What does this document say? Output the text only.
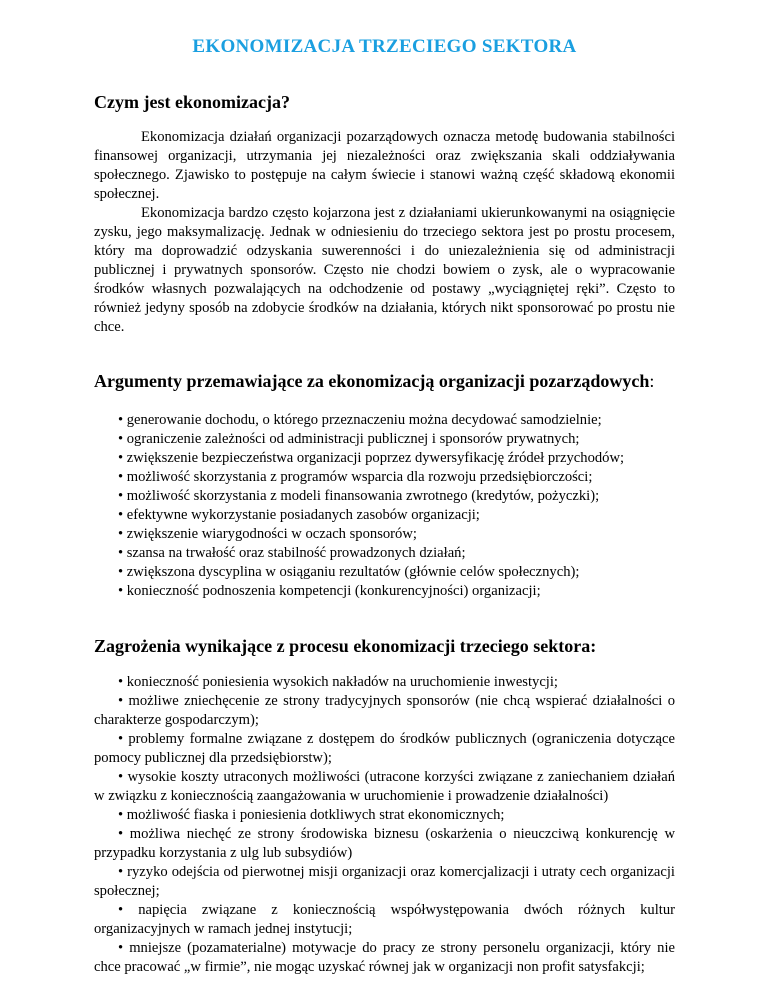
EKONOMIZACJA TRZECIEGO SEKTORA
Czym jest ekonomizacja?

Ekonomizacja działań organizacji pozarządowych oznacza metodę budowania stabilności finansowej organizacji, utrzymania jej niezależności oraz zwiększania skali oddziaływania społecznego. Zjawisko to postępuje na całym świecie i stanowi ważną część składową ekonomii społecznej.

Ekonomizacja bardzo często kojarzona jest z działaniami ukierunkowanymi na osiągnięcie zysku, jego maksymalizację. Jednak w odniesieniu do trzeciego sektora jest po prostu procesem, który ma doprowadzić odzyskania suwerenności i do uniezależnienia się od administracji publicznej i prywatnych sponsorów. Często nie chodzi bowiem o zysk, ale o wypracowanie środków własnych pozwalających na odchodzenie od postawy „wyciągniętej ręki”. Często to również jedyny sposób na zdobycie środków na działania, których nikt sponsorować po prostu nie chce.

Argumenty przemawiające za ekonomizacją organizacji pozarządowych:
• generowanie dochodu, o którego przeznaczeniu można decydować samodzielnie;
• ograniczenie zależności od administracji publicznej i sponsorów prywatnych;
• zwiększenie bezpieczeństwa organizacji poprzez dywersyfikację źródeł przychodów;
• możliwość skorzystania z programów wsparcia dla rozwoju przedsiębiorczości;
• możliwość skorzystania z modeli finansowania zwrotnego (kredytów, pożyczki);
• efektywne wykorzystanie posiadanych zasobów organizacji;
• zwiększenie wiarygodności w oczach sponsorów;
• szansa na trwałość oraz stabilność prowadzonych działań;
• zwiększona dyscyplina w osiąganiu rezultatów (głównie celów społecznych);
• konieczność podnoszenia kompetencji (konkurencyjności) organizacji;
Zagrożenia wynikające z procesu ekonomizacji trzeciego sektora:
• konieczność poniesienia wysokich nakładów na uruchomienie inwestycji;
• możliwe zniechęcenie ze strony tradycyjnych sponsorów (nie chcą wspierać działalności o charakterze gospodarczym);
• problemy formalne związane z dostępem do środków publicznych (ograniczenia dotyczące pomocy publicznej dla przedsiębiorstw);
• wysokie koszty utraconych możliwości (utracone korzyści związane z zaniechaniem działań w związku z koniecznością zaangażowania w uruchomienie i prowadzenie działalności)
• możliwość fiaska i poniesienia dotkliwych strat ekonomicznych;
• możliwa niechęć ze strony środowiska biznesu (oskarżenia o nieuczciwą konkurencję w przypadku korzystania z ulg lub subsydiów)
• ryzyko odejścia od pierwotnej misji organizacji oraz komercjalizacji i utraty cech organizacji społecznej;
• napięcia związane z koniecznością współwystępowania dwóch różnych kultur organizacyjnych w ramach jednej instytucji;
• mniejsze (pozamaterialne) motywacje do pracy ze strony personelu organizacji, który nie chce pracować „w firmie”, nie mogąc uzyskać równej jak w organizacji non profit satysfakcji;
